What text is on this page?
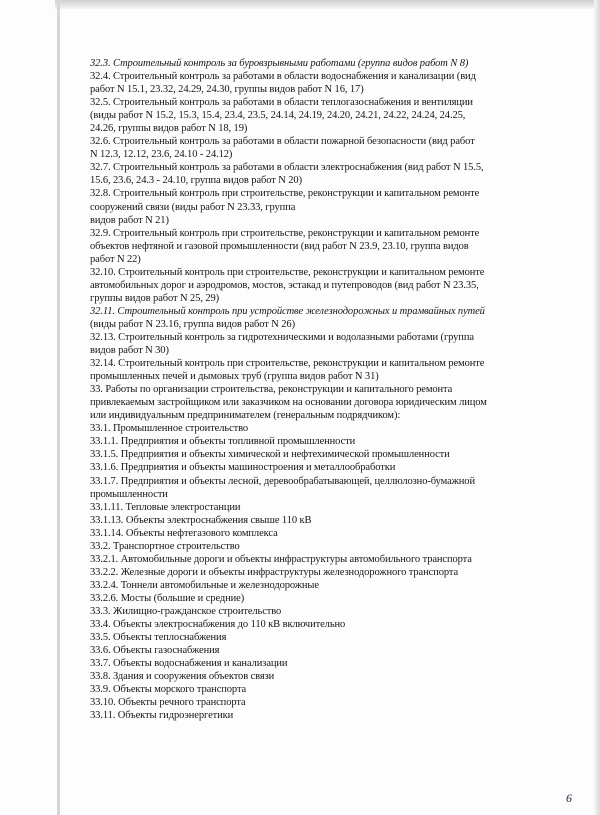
32.3. Строительный контроль за буровзрывными работами (группа видов работ N 8)

32.4. Строительный контроль за работами в области водоснабжения и канализации (вид

работ N 15.1, 23.32, 24.29, 24.30, группы видов работ N 16, 17)

32.5. Строительный контроль за работами в области теплогазоснабжения и вентиляции

(виды работ N 15.2, 15.3, 15.4, 23.4, 23.5, 24.14, 24.19, 24.20, 24.21, 24.22, 24.24, 24.25,

24.26, группы видов работ N 18, 19)

32.6. Строительный контроль за работами в области пожарной безопасности (вид работ

N 12.3, 12.12, 23.6, 24.10 - 24.12)

32.7. Строительный контроль за работами в области электроснабжения (вид работ N 15.5,

15.6, 23.6, 24.3 - 24.10, группа видов работ N 20)

32.8. Строительный контроль при строительстве, реконструкции и капитальном ремонте

сооружений связи (виды работ N 23.33, группа

видов работ N 21)

32.9. Строительный контроль при строительстве, реконструкции и капитальном ремонте

объектов нефтяной и газовой промышленности (вид работ N 23.9, 23.10, группа видов

работ N 22)

32.10. Строительный контроль при строительстве, реконструкции и капитальном ремонте

автомобильных дорог и аэродромов, мостов, эстакад и путепроводов (вид работ N 23.35,

группы видов работ N 25, 29)

32.11. Строительный контроль при устройстве железнодорожных и трамвайных путей

(виды работ N 23.16, группа видов работ N 26)

32.13. Строительный контроль за гидротехническими и водолазными работами (группа

видов работ N 30)

32.14. Строительный контроль при строительстве, реконструкции и капитальном ремонте

промышленных печей и дымовых труб (группа видов работ N 31)

33. Работы по организации строительства, реконструкции и капитального ремонта

привлекаемым застройщиком или заказчиком на основании договора юридическим лицом

или индивидуальным предпринимателем (генеральным подрядчиком):

33.1. Промышленное строительство

33.1.1. Предприятия и объекты топливной промышленности

33.1.5. Предприятия и объекты химической и нефтехимической промышленности

33.1.6. Предприятия и объекты машиностроения и металлообработки

33.1.7. Предприятия и объекты лесной, деревообрабатывающей, целлюлозно-бумажной

промышленности

33.1.11. Тепловые электростанции

33.1.13. Объекты электроснабжения свыше 110 кВ

33.1.14. Объекты нефтегазового комплекса

33.2. Транспортное строительство

33.2.1. Автомобильные дороги и объекты инфраструктуры автомобильного транспорта

33.2.2. Железные дороги и объекты инфраструктуры железнодорожного транспорта

33.2.4. Тоннели автомобильные и железнодорожные

33.2.6. Мосты (большие и средние)

33.3. Жилищно-гражданское строительство

33.4. Объекты электроснабжения до 110 кВ включительно

33.5. Объекты теплоснабжения

33.6. Объекты газоснабжения

33.7. Объекты водоснабжения и канализации

33.8. Здания и сооружения объектов связи

33.9. Объекты морского транспорта

33.10. Объекты речного транспорта

33.11. Объекты гидроэнергетики

6
